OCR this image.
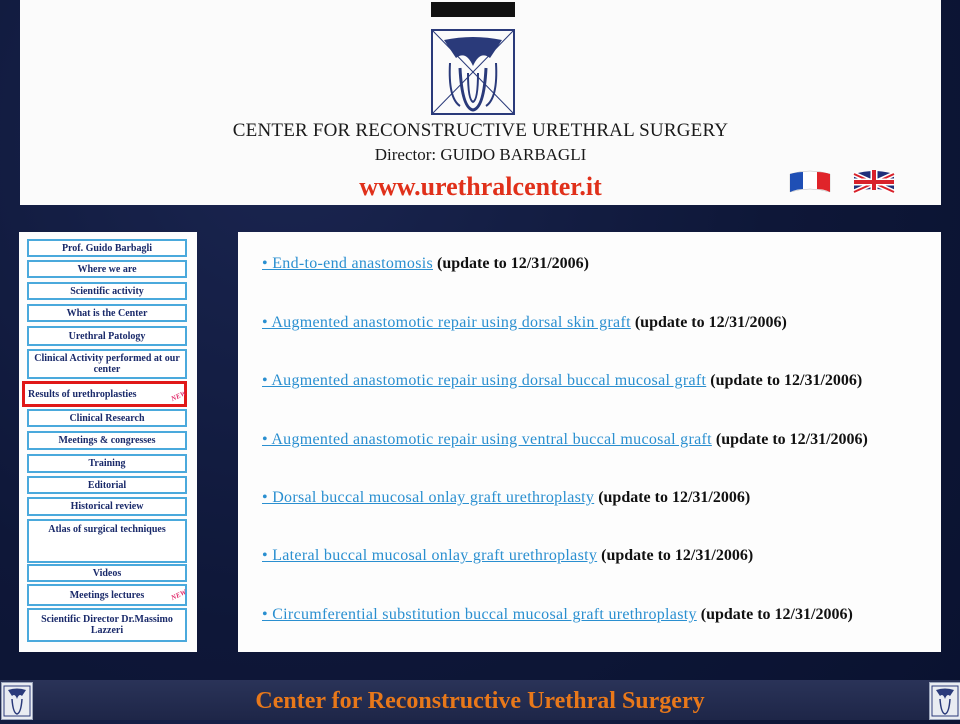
CENTER FOR RECONSTRUCTIVE URETHRAL SURGERY
Director: GUIDO BARBAGLI
www.urethralcenter.it
Prof. Guido Barbagli
Where we are
Scientific activity
What is the Center
Urethral Patology
Clinical Activity performed at our center
Results of urethroplasties	NEW
Clinical Research
Meetings & congresses
Training
Editorial
Historical review
Atlas of surgical techniques
Videos
Meetings lectures	NEW
Scientific Director Dr.Massimo Lazzeri
• End-to-end anastomosis (update to 12/31/2006)
• Augmented anastomotic repair using dorsal skin graft (update to 12/31/2006)
• Augmented anastomotic repair using dorsal buccal mucosal graft (update to 12/31/2006)
• Augmented anastomotic repair using ventral buccal mucosal graft (update to 12/31/2006)
• Dorsal buccal mucosal onlay graft urethroplasty (update to 12/31/2006)
• Lateral buccal mucosal onlay graft urethroplasty (update to 12/31/2006)
• Circumferential substitution buccal mucosal graft urethroplasty (update to 12/31/2006)
Center for Reconstructive Urethral Surgery
